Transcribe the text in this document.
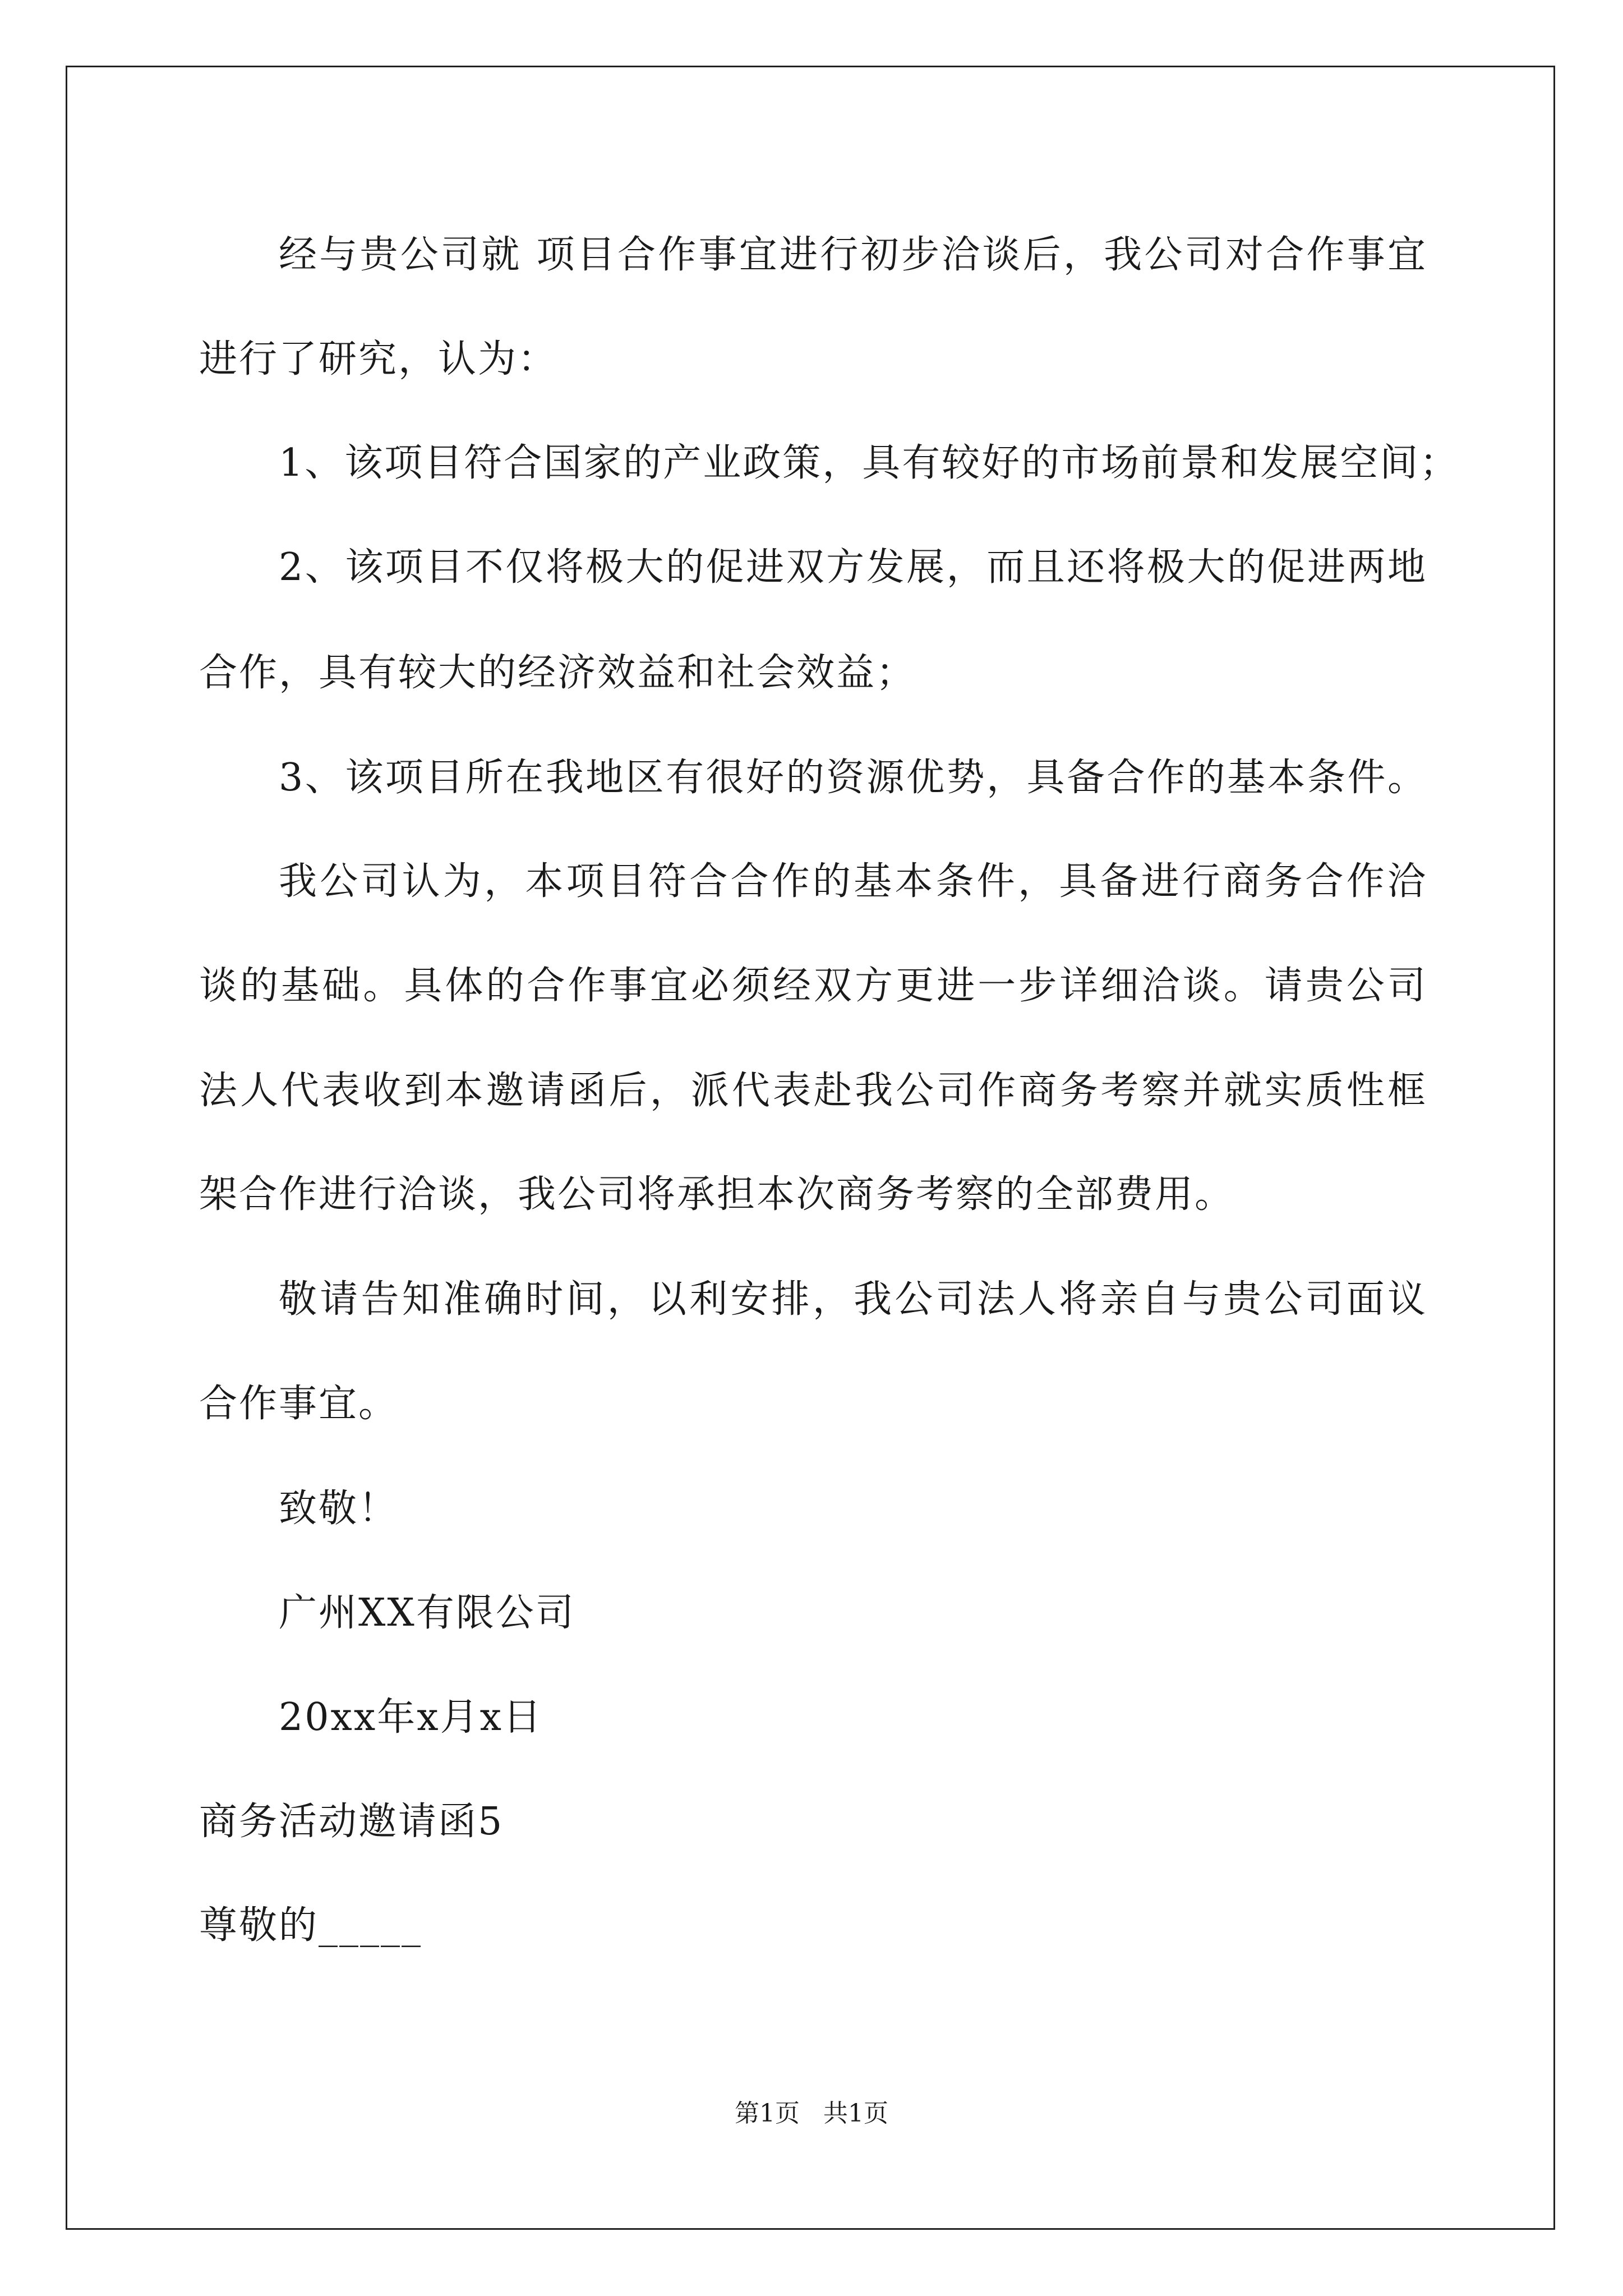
经与贵公司就 项目合作事宜进行初步洽谈后，我公司对合作事宜
进行了研究，认为：
1、该项目符合国家的产业政策，具有较好的市场前景和发展空间；
2、该项目不仅将极大的促进双方发展，而且还将极大的促进两地
合作，具有较大的经济效益和社会效益；
3、该项目所在我地区有很好的资源优势，具备合作的基本条件。
我公司认为，本项目符合合作的基本条件，具备进行商务合作洽
谈的基础。具体的合作事宜必须经双方更进一步详细洽谈。请贵公司
法人代表收到本邀请函后，派代表赴我公司作商务考察并就实质性框
架合作进行洽谈，我公司将承担本次商务考察的全部费用。
敬请告知准确时间，以利安排，我公司法人将亲自与贵公司面议
合作事宜。
致敬！
广州XX有限公司
20xx年x月x日
商务活动邀请函5
尊敬的_____
第1页   共1页
